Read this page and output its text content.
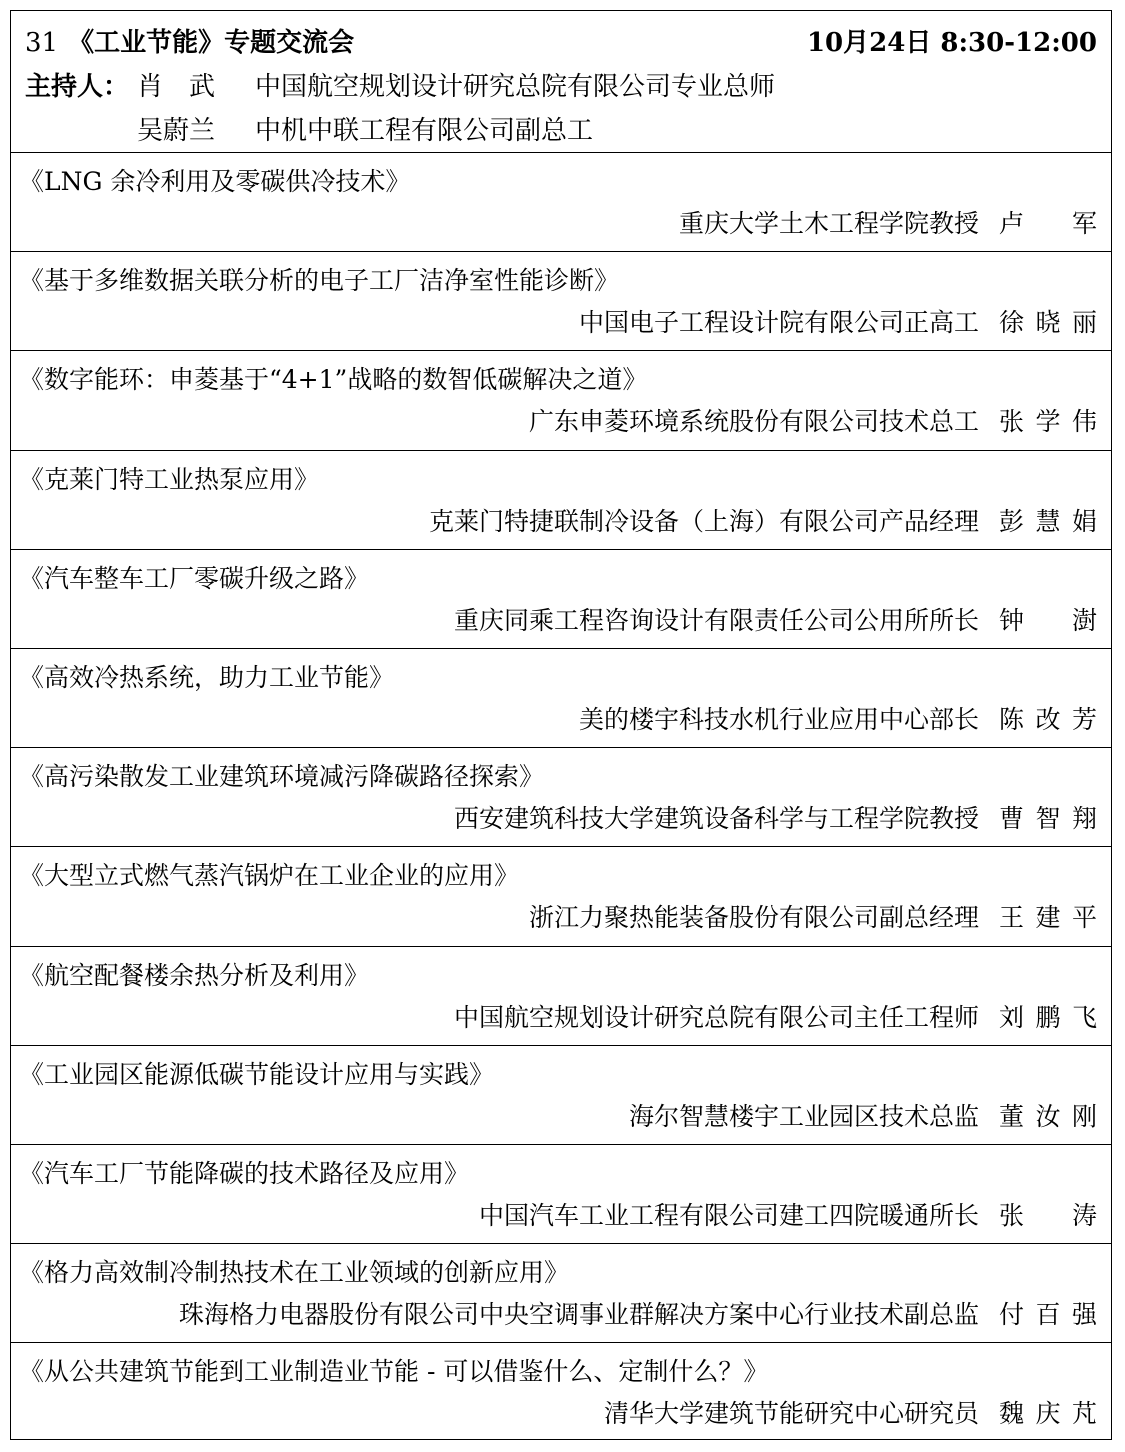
31 《工业节能》专题交流会	10月24日 8:30-12:00
主持人： 肖　武 中国航空规划设计研究总院有限公司专业总师
吴蔚兰 中机中联工程有限公司副总工
《LNG 余冷利用及零碳供冷技术》
重庆大学土木工程学院教授 卢军
《基于多维数据关联分析的电子工厂洁净室性能诊断》
中国电子工程设计院有限公司正高工 徐晓丽
《数字能环：申菱基于“4+1”战略的数智低碳解决之道》
广东申菱环境系统股份有限公司技术总工 张学伟
《克莱门特工业热泵应用》
克莱门特捷联制冷设备（上海）有限公司产品经理 彭慧娟
《汽车整车工厂零碳升级之路》
重庆同乘工程咨询设计有限责任公司公用所所长 钟澍
《高效冷热系统，助力工业节能》
美的楼宇科技水机行业应用中心部长 陈改芳
《高污染散发工业建筑环境减污降碳路径探索》
西安建筑科技大学建筑设备科学与工程学院教授 曹智翔
《大型立式燃气蒸汽锅炉在工业企业的应用》
浙江力聚热能装备股份有限公司副总经理 王建平
《航空配餐楼余热分析及利用》
中国航空规划设计研究总院有限公司主任工程师 刘鹏飞
《工业园区能源低碳节能设计应用与实践》
海尔智慧楼宇工业园区技术总监 董汝刚
《汽车工厂节能降碳的技术路径及应用》
中国汽车工业工程有限公司建工四院暖通所长 张涛
《格力高效制冷制热技术在工业领域的创新应用》
珠海格力电器股份有限公司中央空调事业群解决方案中心行业技术副总监 付百强
《从公共建筑节能到工业制造业节能 - 可以借鉴什么、定制什么？》
清华大学建筑节能研究中心研究员 魏庆芃
